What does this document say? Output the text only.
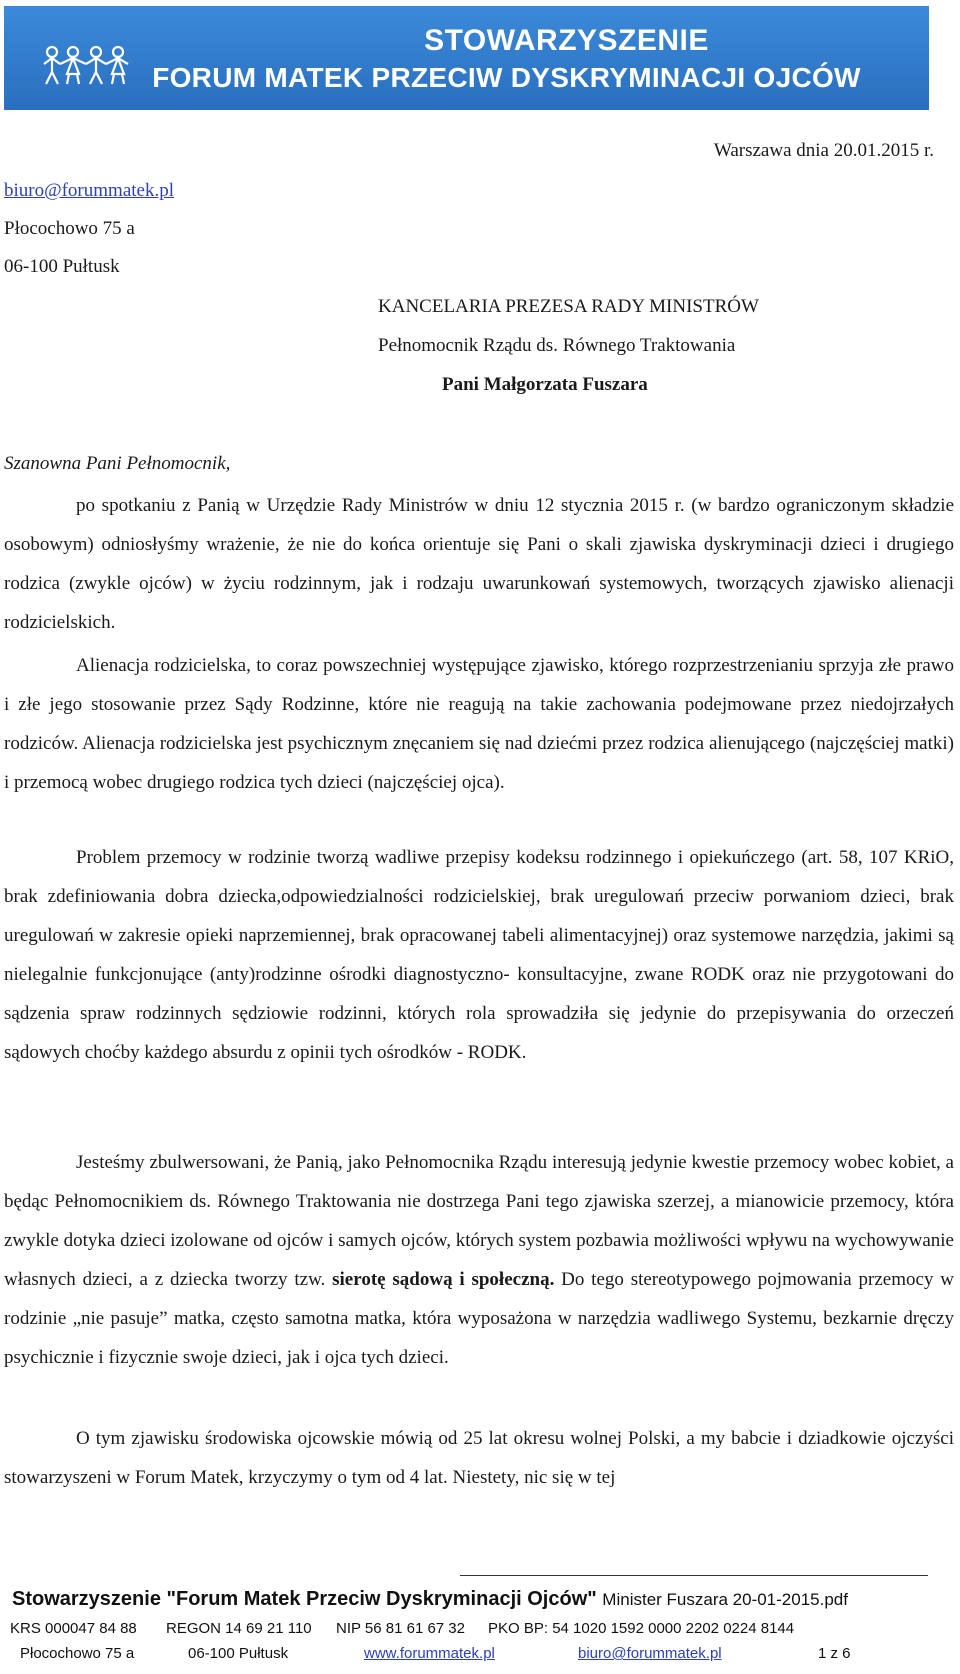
STOWARZYSZENIE
FORUM MATEK PRZECIW DYSKRYMINACJI OJCÓW
Warszawa dnia 20.01.2015 r.
biuro@forummatek.pl
Płocochowo 75 a
06-100 Pułtusk
KANCELARIA PREZESA RADY MINISTRÓW
Pełnomocnik Rządu ds. Równego Traktowania
Pani Małgorzata Fuszara
Szanowna Pani Pełnomocnik,
po spotkaniu z Panią w Urzędzie Rady Ministrów w dniu 12 stycznia 2015 r. (w bardzo ograniczonym składzie osobowym) odniosłyśmy wrażenie, że nie do końca orientuje się Pani o skali zjawiska dyskryminacji dzieci i drugiego rodzica (zwykle ojców) w życiu rodzinnym, jak i rodzaju uwarunkowań systemowych, tworzących zjawisko alienacji rodzicielskich.
Alienacja rodzicielska, to coraz powszechniej występujące zjawisko, którego rozprzestrzenianiu sprzyja złe prawo i złe jego stosowanie przez Sądy Rodzinne, które nie reagują na takie zachowania podejmowane przez niedojrzałych rodziców. Alienacja rodzicielska jest psychicznym znęcaniem się nad dziećmi przez rodzica alienującego (najczęściej matki) i przemocą wobec drugiego rodzica tych dzieci (najczęściej ojca).
Problem przemocy w rodzinie tworzą wadliwe przepisy kodeksu rodzinnego i opiekuńczego (art. 58, 107 KRiO, brak zdefiniowania dobra dziecka,odpowiedzialności rodzicielskiej, brak uregulowań przeciw porwaniom dzieci, brak uregulowań w zakresie opieki naprzemiennej, brak opracowanej tabeli alimentacyjnej) oraz systemowe narzędzia, jakimi są nielegalnie funkcjonujące (anty)rodzinne ośrodki diagnostyczno- konsultacyjne, zwane RODK oraz nie przygotowani do sądzenia spraw rodzinnych sędziowie rodzinni, których rola sprowadziła się jedynie do przepisywania do orzeczeń sądowych choćby każdego absurdu z opinii tych ośrodków - RODK.
Jesteśmy zbulwersowani, że Panią, jako Pełnomocnika Rządu interesują jedynie kwestie przemocy wobec kobiet, a będąc Pełnomocnikiem ds. Równego Traktowania nie dostrzega Pani tego zjawiska szerzej, a mianowicie przemocy, która zwykle dotyka dzieci izolowane od ojców i samych ojców, których system pozbawia możliwości wpływu na wychowywanie własnych dzieci, a z dziecka tworzy tzw. sierotę sądową i społeczną. Do tego stereotypowego pojmowania przemocy w rodzinie „nie pasuje” matka, często samotna matka, która wyposażona w narzędzia wadliwego Systemu, bezkarnie dręczy psychicznie i fizycznie swoje dzieci, jak i ojca tych dzieci.
O tym zjawisku środowiska ojcowskie mówią od 25 lat okresu wolnej Polski, a my babcie i dziadkowie ojczyści stowarzyszeni w Forum Matek, krzyczymy o tym od 4 lat. Niestety, nic się w tej
Stowarzyszenie "Forum Matek Przeciw Dyskryminacji Ojców" Minister Fuszara 20-01-2015.pdf
KRS 000047 84 88 REGON 14 69 21 110 NIP 56 81 61 67 32 PKO BP: 54 1020 1592 0000 2202 0224 8144
Płocochowo 75 a	06-100 Pułtusk	www.forummatek.pl	biuro@forummatek.pl	1 z 6
